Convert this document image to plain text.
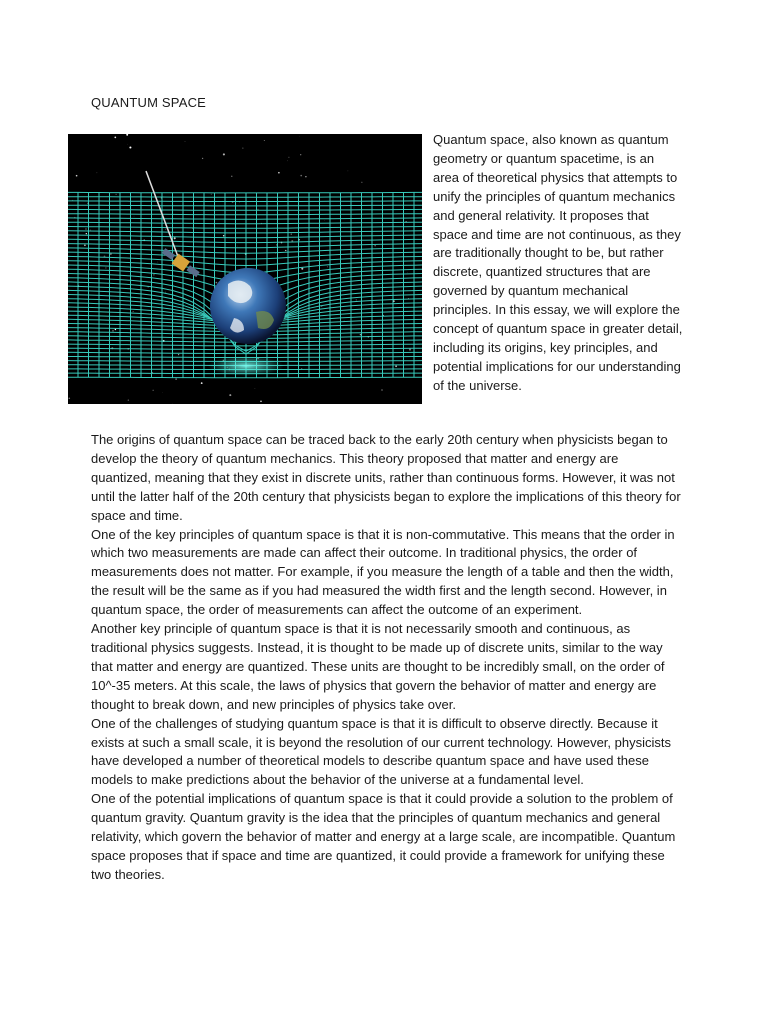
QUANTUM SPACE

Quantum space, also known as quantum geometry or quantum spacetime, is an area of theoretical physics that attempts to unify the principles of quantum mechanics and general relativity. It proposes that space and time are not continuous, as they are traditionally thought to be, but rather discrete, quantized structures that are governed by quantum mechanical principles. In this essay, we will explore the concept of quantum space in greater detail, including its origins, key principles, and potential implications for our understanding of the universe.

The origins of quantum space can be traced back to the early 20th century when physicists began to develop the theory of quantum mechanics. This theory proposed that matter and energy are quantized, meaning that they exist in discrete units, rather than continuous forms. However, it was not until the latter half of the 20th century that physicists began to explore the implications of this theory for space and time.

One of the key principles of quantum space is that it is non-commutative. This means that the order in which two measurements are made can affect their outcome. In traditional physics, the order of measurements does not matter. For example, if you measure the length of a table and then the width, the result will be the same as if you had measured the width first and the length second. However, in quantum space, the order of measurements can affect the outcome of an experiment.

Another key principle of quantum space is that it is not necessarily smooth and continuous, as traditional physics suggests. Instead, it is thought to be made up of discrete units, similar to the way that matter and energy are quantized. These units are thought to be incredibly small, on the order of 10^-35 meters. At this scale, the laws of physics that govern the behavior of matter and energy are thought to break down, and new principles of physics take over.

One of the challenges of studying quantum space is that it is difficult to observe directly. Because it exists at such a small scale, it is beyond the resolution of our current technology. However, physicists have developed a number of theoretical models to describe quantum space and have used these models to make predictions about the behavior of the universe at a fundamental level.

One of the potential implications of quantum space is that it could provide a solution to the problem of quantum gravity. Quantum gravity is the idea that the principles of quantum mechanics and general relativity, which govern the behavior of matter and energy at a large scale, are incompatible. Quantum space proposes that if space and time are quantized, it could provide a framework for unifying these two theories.
